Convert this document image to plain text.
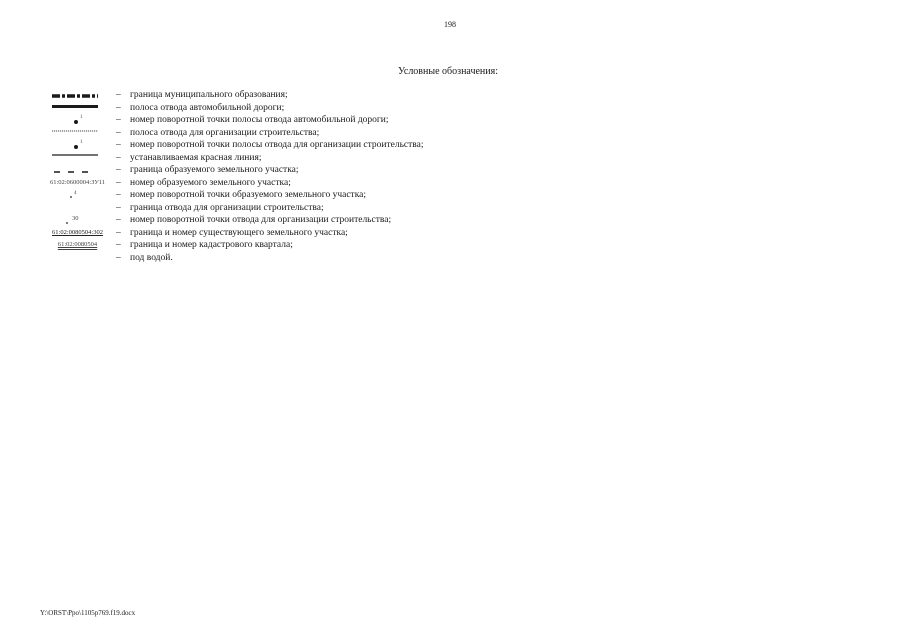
198
Условные обозначения:
– граница муниципального образования;
– полоса отвода автомобильной дороги;
1	– номер поворотной точки полосы отвода автомобильной дороги;
– полоса отвода для организации строительства;
1	– номер поворотной точки полосы отвода для организации строительства;
– устанавливаемая красная линия;
– граница образуемого земельного участка;
61:02:0600004:ЗУ11	– номер образуемого земельного участка;
4	– номер поворотной точки образуемого земельного участка;
– граница отвода для организации строительства;
30	– номер поворотной точки отвода для организации строительства;
61:02:0080504:302	– граница и номер существующего земельного участка;
61:02:0080504	– граница и номер кадастрового квартала;
– под водой.
Y:\ORST\Ppo\1105p769.f19.docx
